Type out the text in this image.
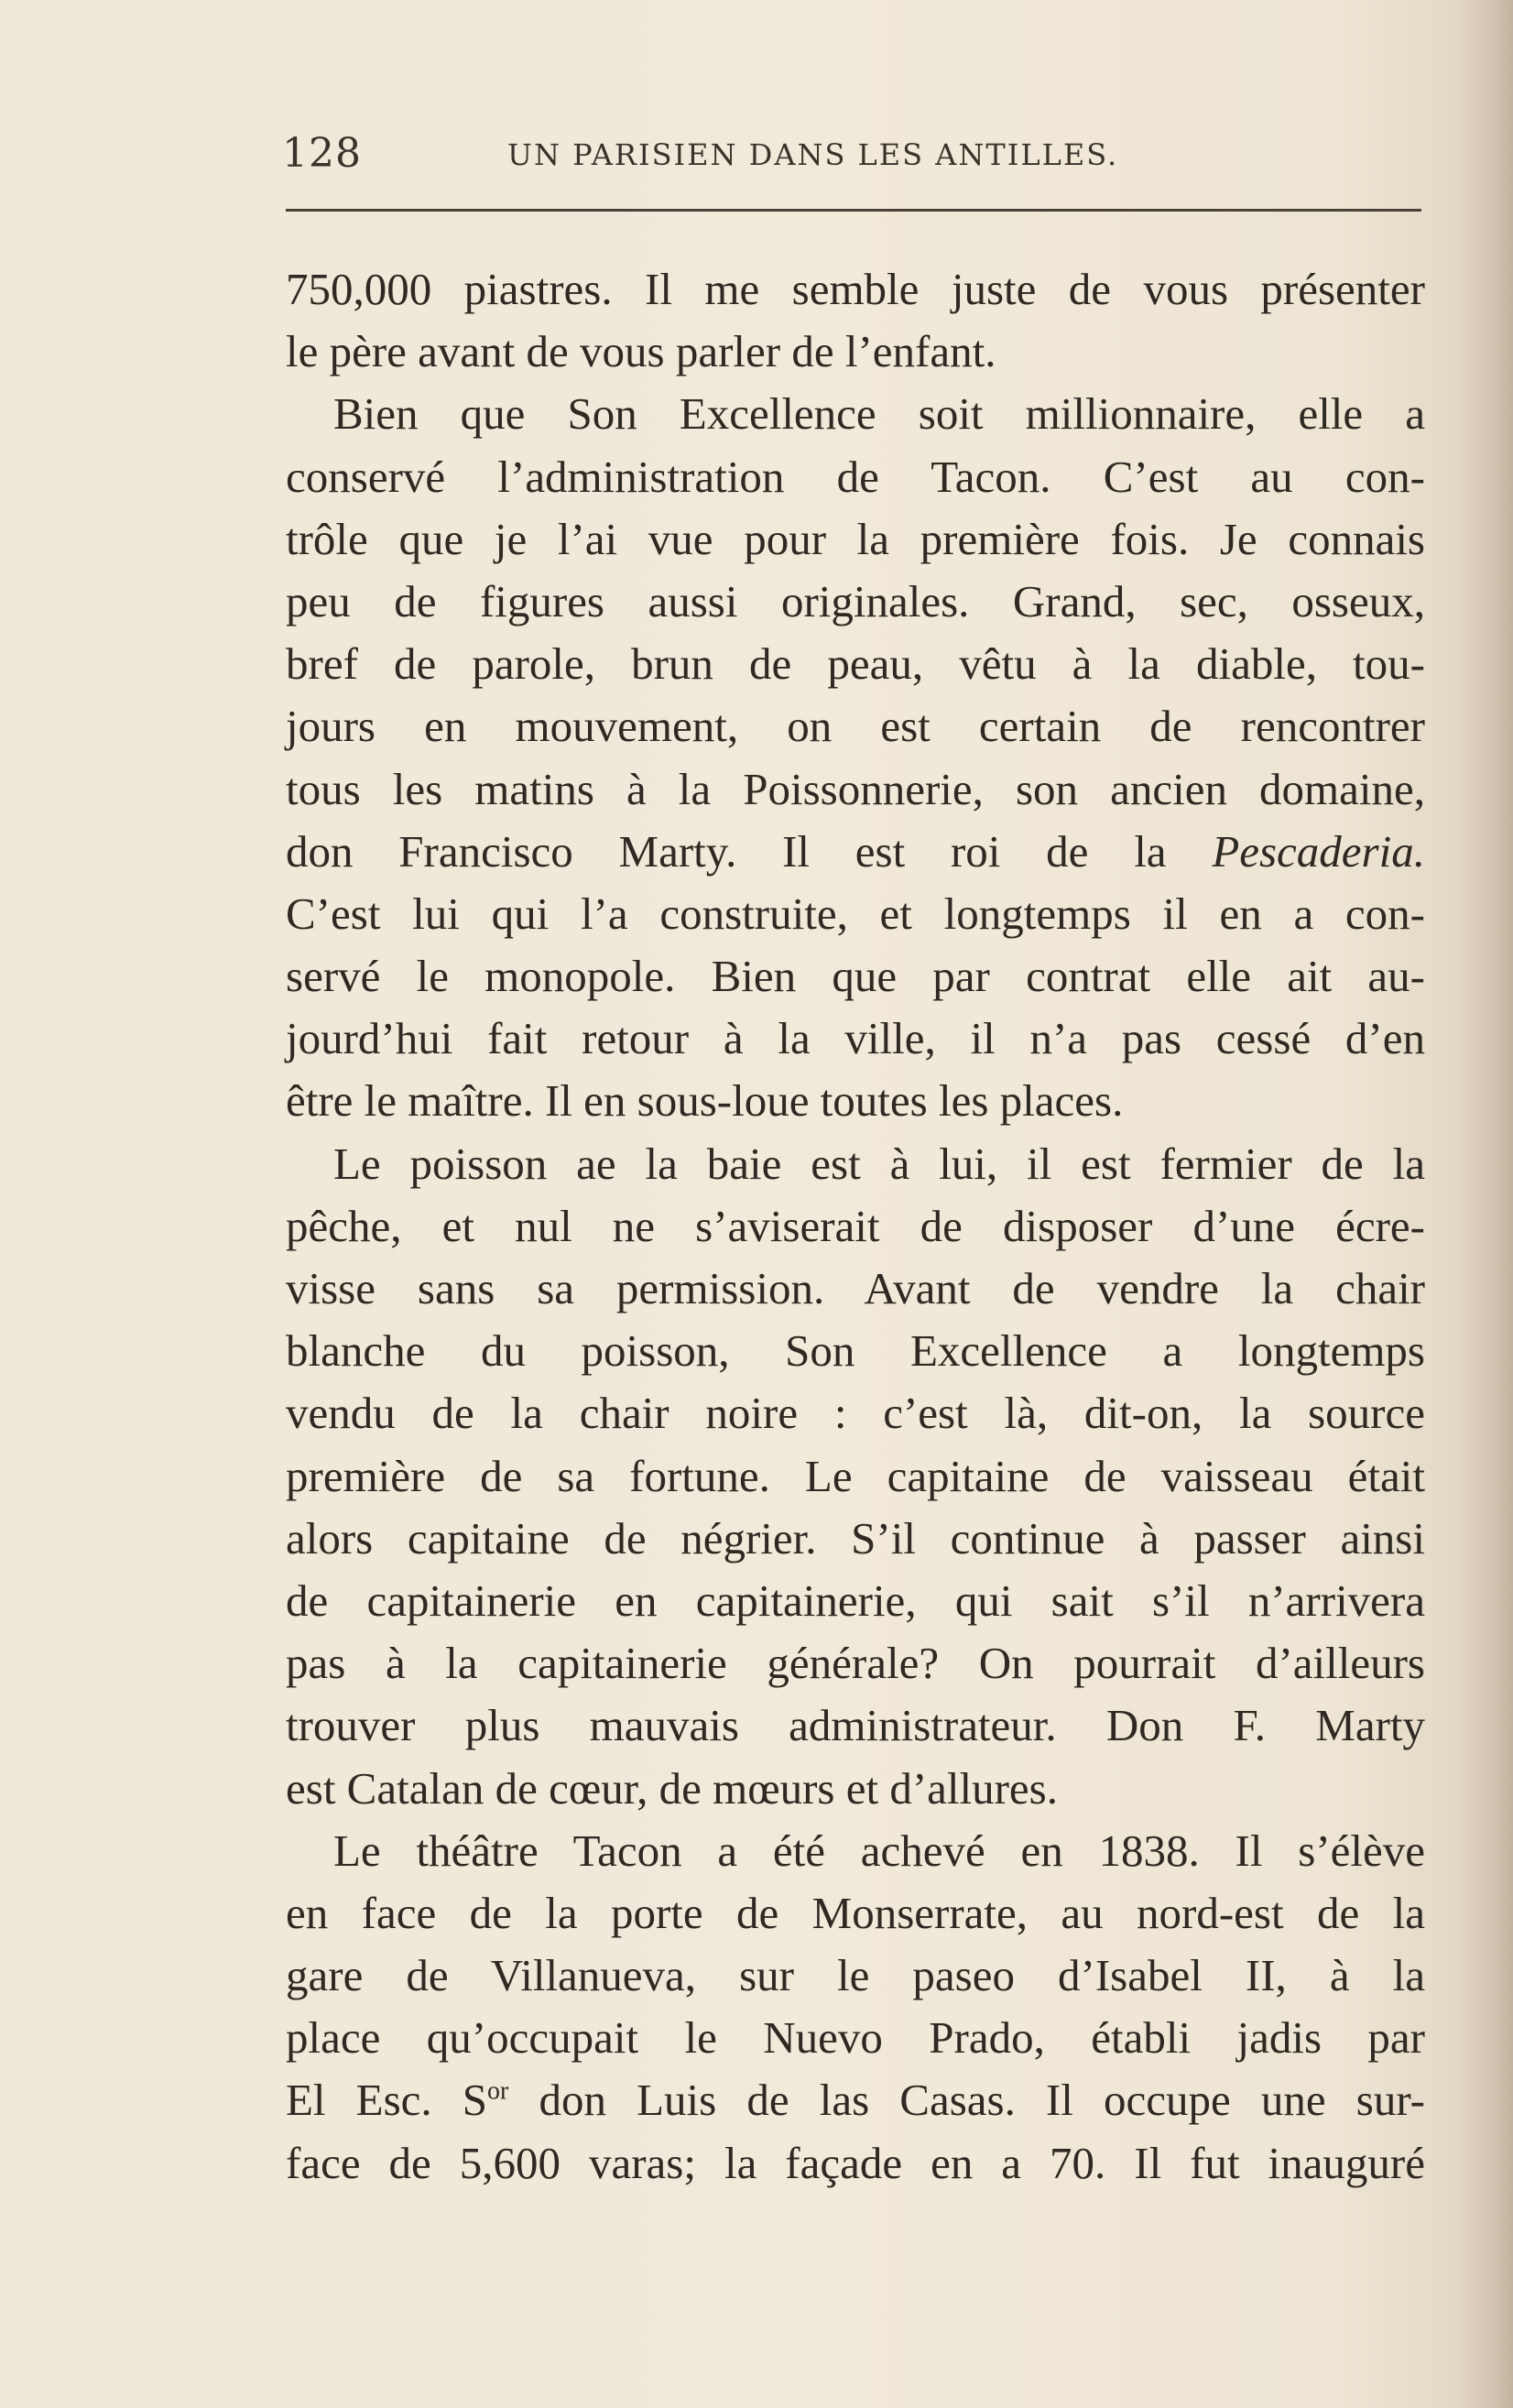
128	UN PARISIEN DANS LES ANTILLES.
750,000 piastres. Il me semble juste de vous présenter
le père avant de vous parler de l’enfant.
Bien que Son Excellence soit millionnaire, elle a
conservé l’administration de Tacon. C’est au con-
trôle que je l’ai vue pour la première fois. Je connais
peu de figures aussi originales. Grand, sec, osseux,
bref de parole, brun de peau, vêtu à la diable, tou-
jours en mouvement, on est certain de rencontrer
tous les matins à la Poissonnerie, son ancien domaine,
don Francisco Marty. Il est roi de la Pescaderia.
C’est lui qui l’a construite, et longtemps il en a con-
servé le monopole. Bien que par contrat elle ait au-
jourd’hui fait retour à la ville, il n’a pas cessé d’en
être le maître. Il en sous-loue toutes les places.
Le poisson ae la baie est à lui, il est fermier de la
pêche, et nul ne s’aviserait de disposer d’une écre-
visse sans sa permission. Avant de vendre la chair
blanche du poisson, Son Excellence a longtemps
vendu de la chair noire : c’est là, dit-on, la source
première de sa fortune. Le capitaine de vaisseau était
alors capitaine de négrier. S’il continue à passer ainsi
de capitainerie en capitainerie, qui sait s’il n’arrivera
pas à la capitainerie générale? On pourrait d’ailleurs
trouver plus mauvais administrateur. Don F. Marty
est Catalan de cœur, de mœurs et d’allures.
Le théâtre Tacon a été achevé en 1838. Il s’élève
en face de la porte de Monserrate, au nord-est de la
gare de Villanueva, sur le paseo d’Isabel II, à la
place qu’occupait le Nuevo Prado, établi jadis par
El Esc. $S^{or}$ don Luis de las Casas. Il occupe une sur-
face de 5,600 varas; la façade en a 70. Il fut inauguré
